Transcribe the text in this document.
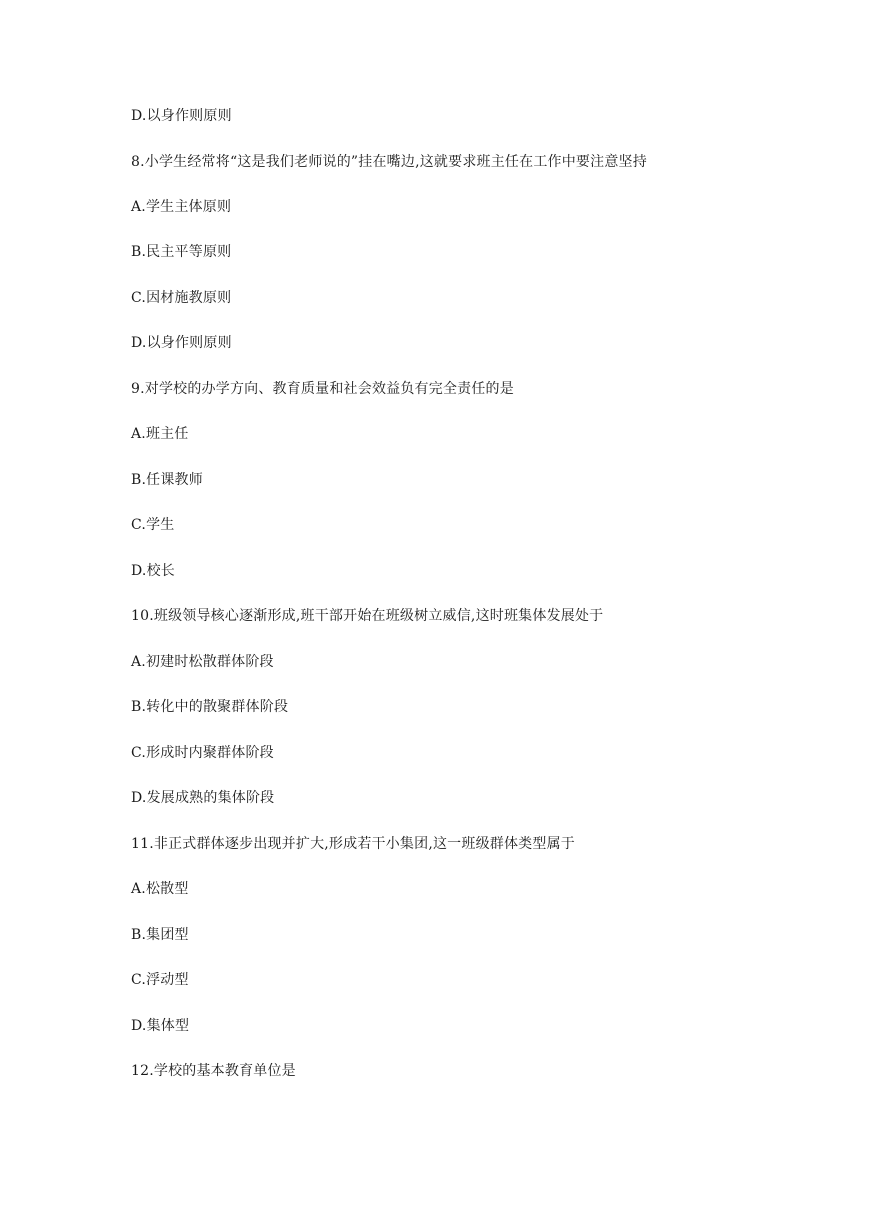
D.以身作则原则
8.小学生经常将“这是我们老师说的”挂在嘴边,这就要求班主任在工作中要注意坚持
A.学生主体原则
B.民主平等原则
C.因材施教原则
D.以身作则原则
9.对学校的办学方向、教育质量和社会效益负有完全责任的是
A.班主任
B.任课教师
C.学生
D.校长
10.班级领导核心逐渐形成,班干部开始在班级树立威信,这时班集体发展处于
A.初建时松散群体阶段
B.转化中的散聚群体阶段
C.形成时内聚群体阶段
D.发展成熟的集体阶段
11.非正式群体逐步出现并扩大,形成若干小集团,这一班级群体类型属于
A.松散型
B.集团型
C.浮动型
D.集体型
12.学校的基本教育单位是
